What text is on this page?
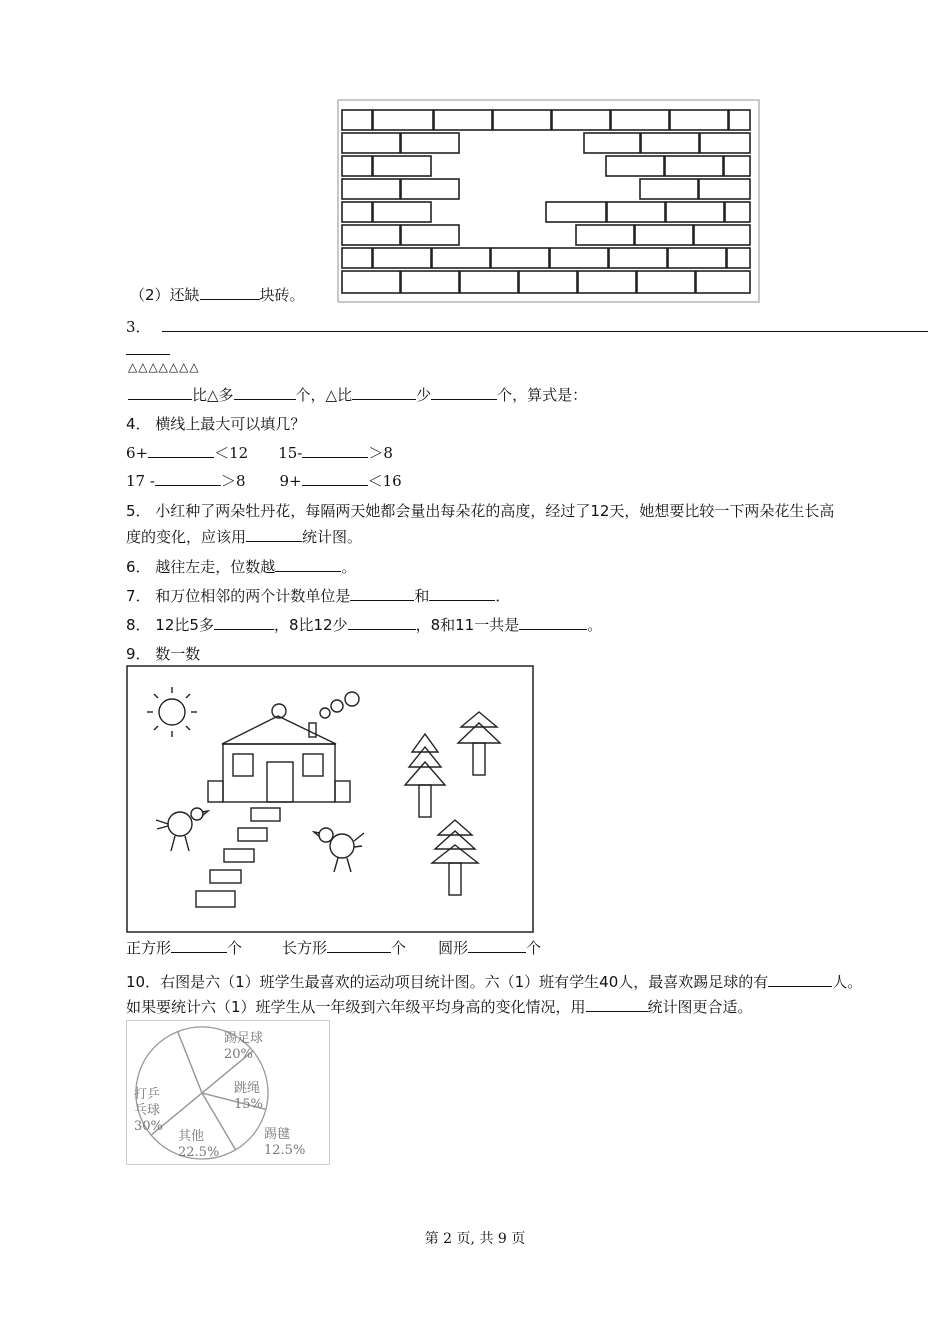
（2）还缺	块砖。
3．
△△△△△△△
比△多	个，△比	少	个，算式是：
4． 横线上最大可以填几？
6+	＜12 15-	＞8
17 -	＞8 9+	＜16
5． 小红种了两朵牡丹花，每隔两天她都会量出每朵花的高度，经过了12天，她想要比较一下两朵花生长高
度的变化，应该用	统计图。
6． 越往左走，位数越	。
7． 和万位相邻的两个计数单位是	和	．
8． 12比5多	，8比12少	，8和11一共是	。
9． 数一数
正方形	个	长方形	个 圆形	个
10．右图是六（1）班学生最喜欢的运动项目统计图。六（1）班有学生40人，最喜欢踢足球的有	人。
如果要统计六（1）班学生从一年级到六年级平均身高的变化情况，用	统计图更合适。
踢足球
20%
跳绳
15%
踢毽
12.5%
其他
22.5%
打乒
乓球
30%
第 2 页, 共 9 页
